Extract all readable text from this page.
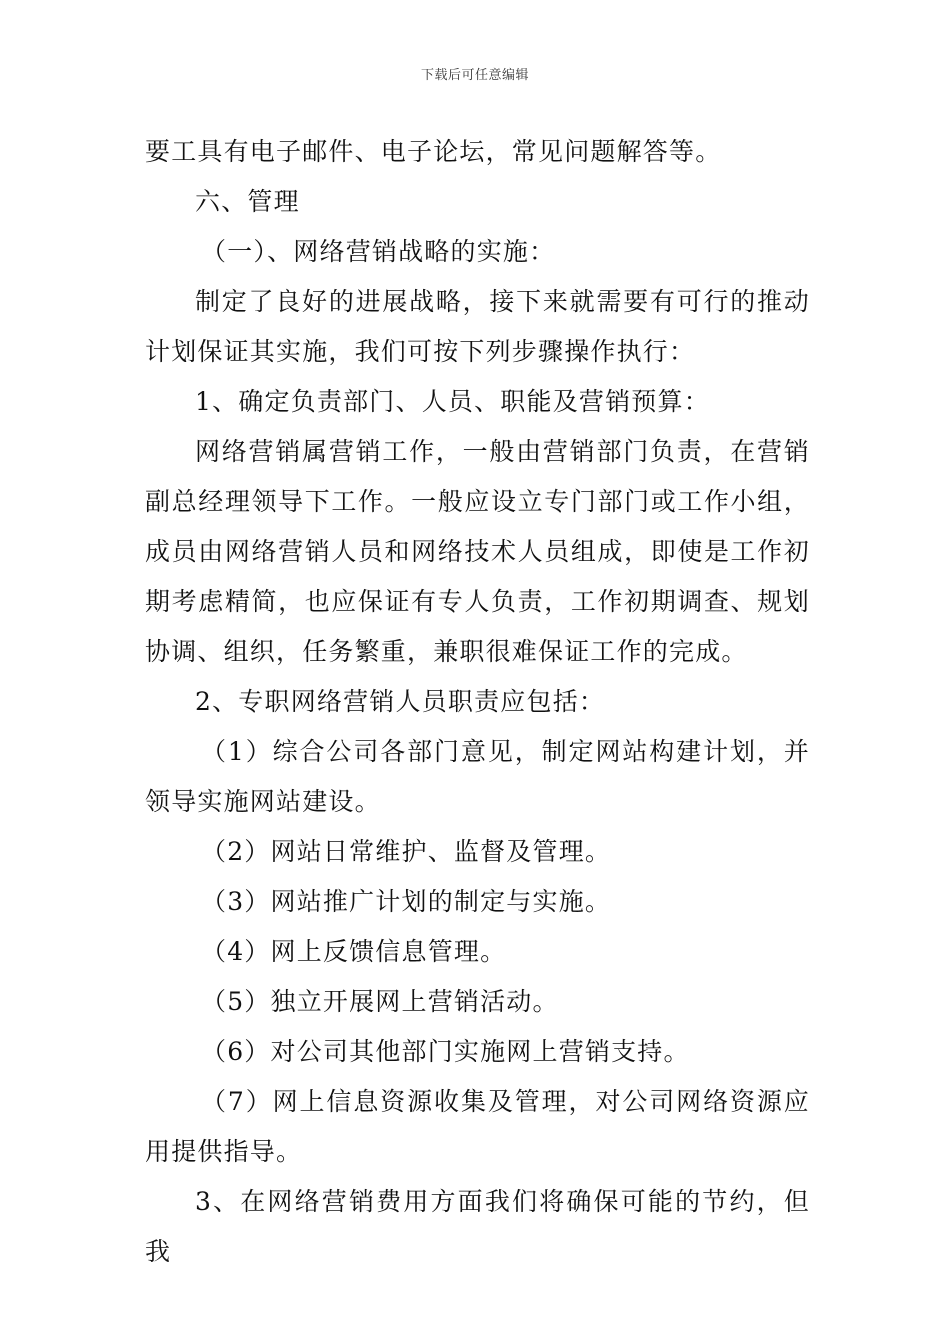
下载后可任意编辑

要工具有电子邮件、电子论坛，常见问题解答等。

六、管理

（一）、网络营销战略的实施：

制定了良好的进展战略，接下来就需要有可行的推动计划保证其实施，我们可按下列步骤操作执行：

1、确定负责部门、人员、职能及营销预算：

网络营销属营销工作，一般由营销部门负责，在营销副总经理领导下工作。一般应设立专门部门或工作小组，成员由网络营销人员和网络技术人员组成，即使是工作初期考虑精简，也应保证有专人负责，工作初期调查、规划协调、组织，任务繁重，兼职很难保证工作的完成。

2、专职网络营销人员职责应包括：

（1）综合公司各部门意见，制定网站构建计划，并领导实施网站建设。

（2）网站日常维护、监督及管理。

（3）网站推广计划的制定与实施。

（4）网上反馈信息管理。

（5）独立开展网上营销活动。

（6）对公司其他部门实施网上营销支持。

（7）网上信息资源收集及管理，对公司网络资源应用提供指导。

3、在网络营销费用方面我们将确保可能的节约，但我
